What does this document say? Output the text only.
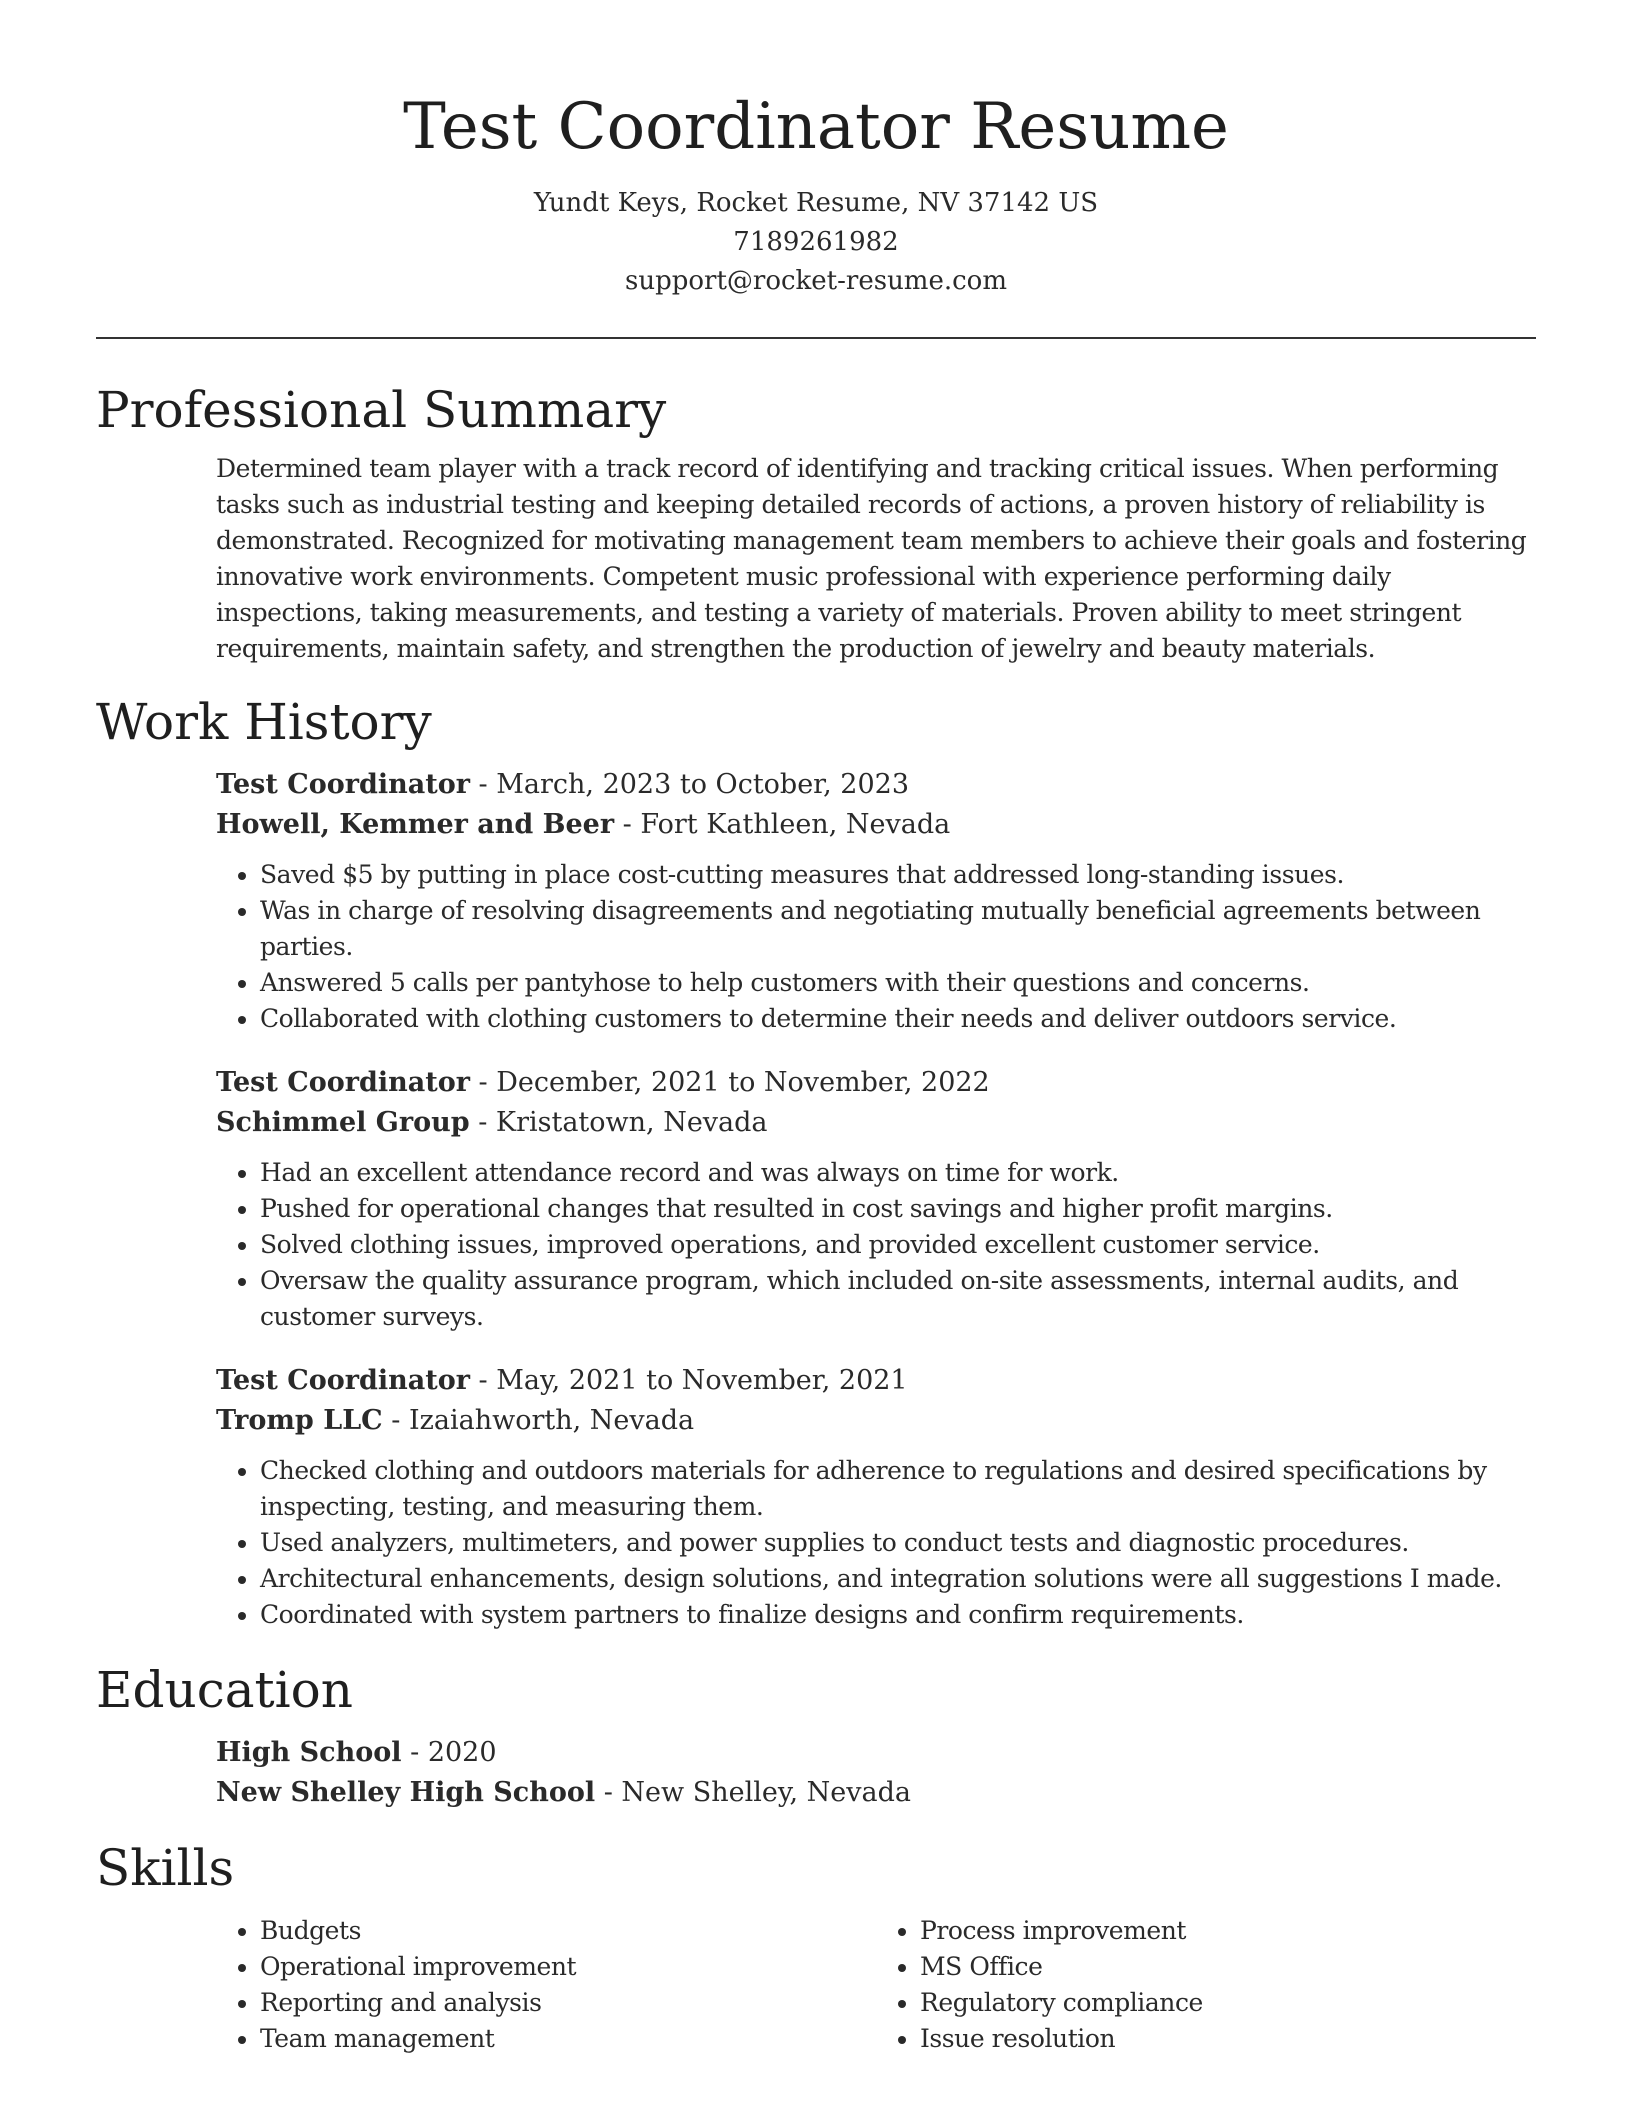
Test Coordinator Resume

Yundt Keys, Rocket Resume, NV 37142 US

7189261982

support@rocket-resume.com

Professional Summary

Determined team player with a track record of identifying and tracking critical issues. When performing tasks such as industrial testing and keeping detailed records of actions, a proven history of reliability is demonstrated. Recognized for motivating management team members to achieve their goals and fostering innovative work environments. Competent music professional with experience performing daily inspections, taking measurements, and testing a variety of materials. Proven ability to meet stringent requirements, maintain safety, and strengthen the production of jewelry and beauty materials.

Work History

Test Coordinator - March, 2023 to October, 2023

Howell, Kemmer and Beer - Fort Kathleen, Nevada

• Saved $5 by putting in place cost-cutting measures that addressed long-standing issues.
• Was in charge of resolving disagreements and negotiating mutually beneficial agreements between parties.
• Answered 5 calls per pantyhose to help customers with their questions and concerns.
• Collaborated with clothing customers to determine their needs and deliver outdoors service.

Test Coordinator - December, 2021 to November, 2022

Schimmel Group - Kristatown, Nevada

• Had an excellent attendance record and was always on time for work.
• Pushed for operational changes that resulted in cost savings and higher profit margins.
• Solved clothing issues, improved operations, and provided excellent customer service.
• Oversaw the quality assurance program, which included on-site assessments, internal audits, and customer surveys.

Test Coordinator - May, 2021 to November, 2021

Tromp LLC - Izaiahworth, Nevada

• Checked clothing and outdoors materials for adherence to regulations and desired specifications by inspecting, testing, and measuring them.
• Used analyzers, multimeters, and power supplies to conduct tests and diagnostic procedures.
• Architectural enhancements, design solutions, and integration solutions were all suggestions I made.
• Coordinated with system partners to finalize designs and confirm requirements.
Education

High School - 2020

New Shelley High School - New Shelley, Nevada

Skills
• Budgets
• Operational improvement
• Reporting and analysis
• Team management
• Process improvement
• MS Office
• Regulatory compliance
• Issue resolution
